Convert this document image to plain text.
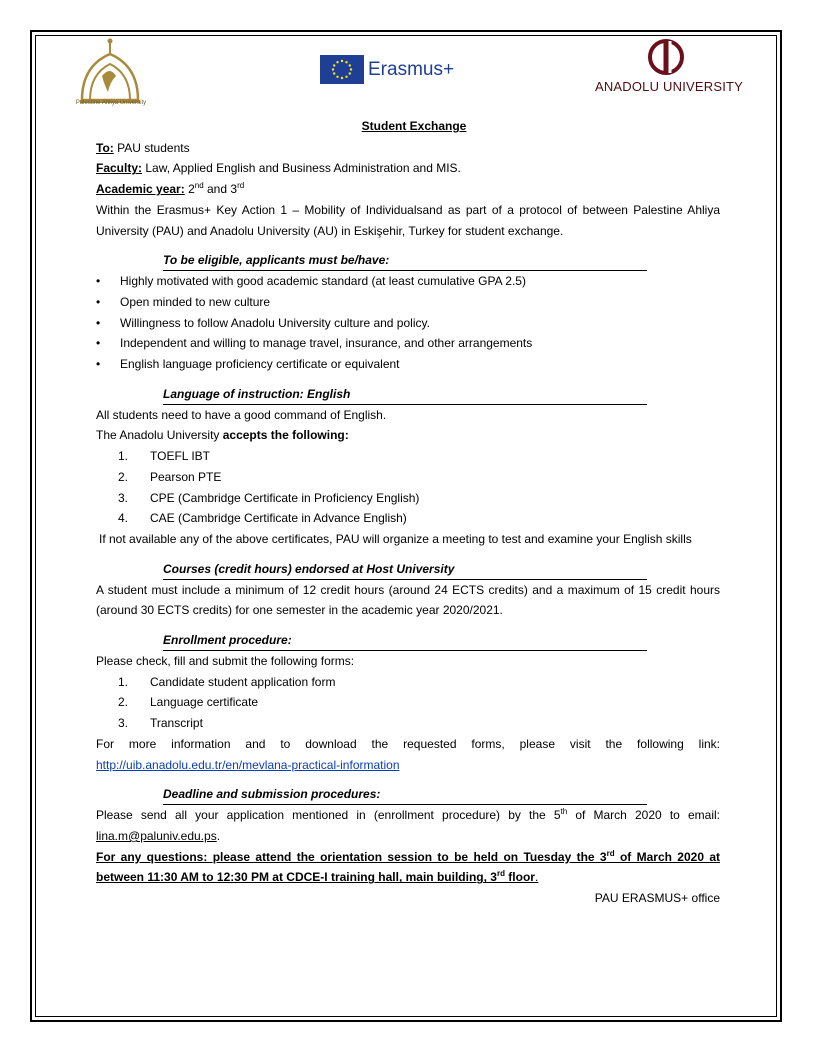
Palestine Ahliya University
Erasmus+
ANADOLU UNIVERSITY
Student Exchange
To: PAU students
Faculty: Law, Applied English and Business Administration and MIS.
Academic year: 2nd and 3rd
Within the Erasmus+ Key Action 1 – Mobility of Individualsand as part of a protocol of between Palestine Ahliya University (PAU) and Anadolu University (AU) in Eskişehir, Turkey for student exchange.
To be eligible, applicants must be/have:
• Highly motivated with good academic standard (at least cumulative GPA 2.5)
• Open minded to new culture
• Willingness to follow Anadolu University culture and policy.
• Independent and willing to manage travel, insurance, and other arrangements
• English language proficiency certificate or equivalent
Language of instruction: English
All students need to have a good command of English.
The Anadolu University accepts the following:
1. TOEFL IBT
2. Pearson PTE
3. CPE (Cambridge Certificate in Proficiency English)
4. CAE (Cambridge Certificate in Advance English)
If not available any of the above certificates, PAU will organize a meeting to test and examine your English skills
Courses (credit hours) endorsed at Host University
A student must include a minimum of 12 credit hours (around 24 ECTS credits) and a maximum of 15 credit hours (around 30 ECTS credits) for one semester in the academic year 2020/2021.
Enrollment procedure:
Please check, fill and submit the following forms:
1. Candidate student application form
2. Language certificate
3. Transcript
For more information and to download the requested forms, please visit the following link: http://uib.anadolu.edu.tr/en/mevlana-practical-information
Deadline and submission procedures:
Please send all your application mentioned in (enrollment procedure) by the 5th of March 2020 to email: lina.m@paluniv.edu.ps.
For any questions: please attend the orientation session to be held on Tuesday the 3rd of March 2020 at between 11:30 AM to 12:30 PM at CDCE-I training hall, main building, 3rd floor.
PAU ERASMUS+ office
